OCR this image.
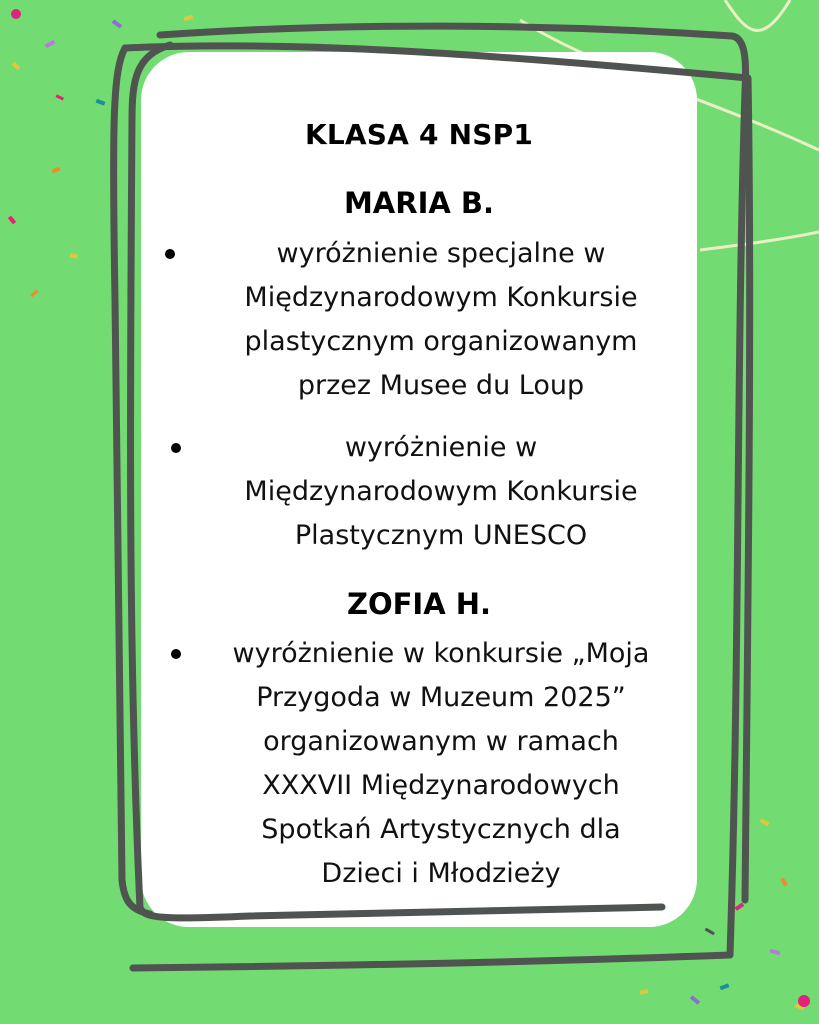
KLASA 4 NSP1
MARIA B.
wyróżnienie specjalne w
Międzynarodowym Konkursie
plastycznym organizowanym
przez Musee du Loup
wyróżnienie w
Międzynarodowym Konkursie
Plastycznym UNESCO
ZOFIA H.
wyróżnienie w konkursie „Moja
Przygoda w Muzeum 2025”
organizowanym w ramach
XXXVII Międzynarodowych
Spotkań Artystycznych dla
Dzieci i Młodzieży
